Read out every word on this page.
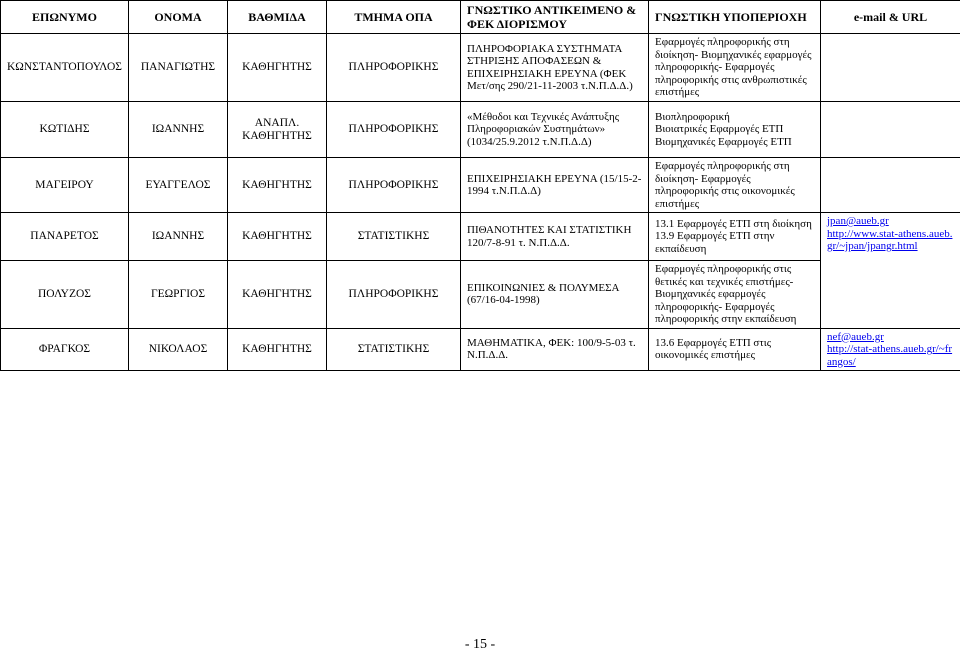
ΕΠΩΝΥΜΟ	ΟΝΟΜΑ	ΒΑΘΜΙΔΑ	ΤΜΗΜΑ ΟΠΑ	ΓΝΩΣΤΙΚΟ ΑΝΤΙΚΕΙΜΕΝΟ & ΦΕΚ ΔΙΟΡΙΣΜΟΥ	ΓΝΩΣΤΙΚΗ ΥΠΟΠΕΡΙΟΧΗ	e-mail & URL
ΚΩΝΣΤΑΝΤΟΠΟΥΛΟΣ	ΠΑΝΑΓΙΩΤΗΣ	ΚΑΘΗΓΗΤΗΣ	ΠΛΗΡΟΦΟΡΙΚΗΣ	ΠΛΗΡΟΦΟΡΙΑΚΑ ΣΥΣΤΗΜΑΤΑ ΣΤΗΡΙΞΗΣ ΑΠΟΦΑΣΕΩΝ & ΕΠΙΧΕΙΡΗΣΙΑΚΗ ΕΡΕΥΝΑ (ΦΕΚ Μετ/σης 290/21-11-2003 τ.Ν.Π.Δ.Δ.)	Εφαρμογές πληροφορικής στη διοίκηση- Βιομηχανικές εφαρμογές πληροφορικής- Εφαρμογές πληροφορικής στις ανθρωπιστικές επιστήμες	
ΚΩΤΙΔΗΣ	ΙΩΑΝΝΗΣ	ΑΝΑΠΛ. ΚΑΘΗΓΗΤΗΣ	ΠΛΗΡΟΦΟΡΙΚΗΣ	«Μέθοδοι και Τεχνικές Ανάπτυξης Πληροφοριακών Συστημάτων» (1034/25.9.2012 τ.Ν.Π.Δ.Δ)	Βιοπληροφορική
Βιοιατρικές Εφαρμογές ΕΤΠ
Βιομηχανικές Εφαρμογές ΕΤΠ	

ΜΑΓΕΙΡΟΥ	ΕΥΑΓΓΕΛΟΣ	ΚΑΘΗΓΗΤΗΣ	ΠΛΗΡΟΦΟΡΙΚΗΣ	ΕΠΙΧΕΙΡΗΣΙΑΚΗ ΕΡΕΥΝΑ (15/15-2-1994 τ.Ν.Π.Δ.Δ)	Εφαρμογές πληροφορικής στη διοίκηση- Εφαρμογές πληροφορικής στις οικονομικές επιστήμες	
ΠΑΝΑΡΕΤΟΣ	ΙΩΑΝΝΗΣ	ΚΑΘΗΓΗΤΗΣ	ΣΤΑΤΙΣΤΙΚΗΣ	ΠΙΘΑΝΟΤΗΤΕΣ ΚΑΙ ΣΤΑΤΙΣΤΙΚΗ 120/7-8-91 τ. Ν.Π.Δ.Δ.	13.1 Εφαρμογές ΕΤΠ στη διοίκηση
13.9 Εφαρμογές ΕΤΠ στην εκπαίδευση	jpan@aueb.gr
http://www.stat-athens.aueb.gr/~jpan/jpangr.html

ΠΟΛΥΖΟΣ	ΓΕΩΡΓΙΟΣ	ΚΑΘΗΓΗΤΗΣ	ΠΛΗΡΟΦΟΡΙΚΗΣ	ΕΠΙΚΟΙΝΩΝΙΕΣ & ΠΟΛΥΜΕΣΑ (67/16-04-1998)	Εφαρμογές πληροφορικής στις θετικές και τεχνικές επιστήμες- Βιομηχανικές εφαρμογές πληροφορικής- Εφαρμογές πληροφορικής στην εκπαίδευση	
ΦΡΑΓΚΟΣ	ΝΙΚΟΛΑΟΣ	ΚΑΘΗΓΗΤΗΣ	ΣΤΑΤΙΣΤΙΚΗΣ	ΜΑΘΗΜΑΤΙΚΑ, ΦΕΚ: 100/9-5-03 τ. Ν.Π.Δ.Δ.	13.6 Εφαρμογές ΕΤΠ στις οικονομικές επιστήμες	nef@aueb.gr
http://stat-athens.aueb.gr/~frangos/
- 15 -
